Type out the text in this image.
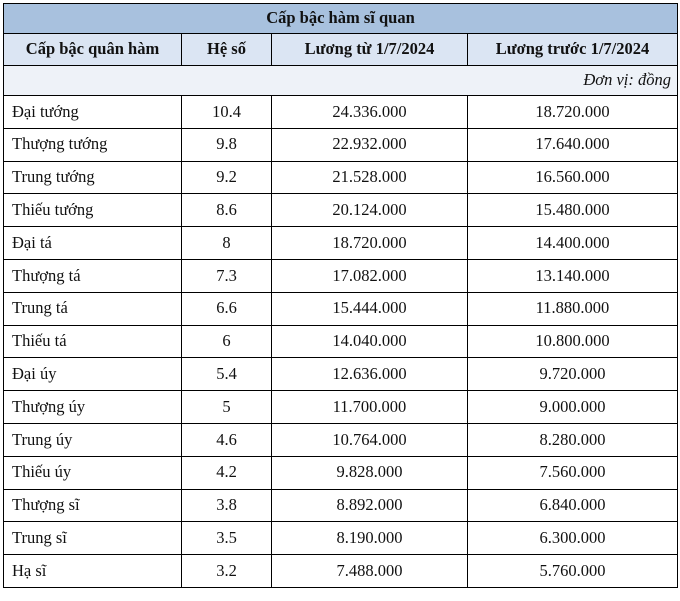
Cấp bậc hàm sĩ quan			
Cấp bậc quân hàm	Hệ số	Lương từ 1/7/2024	Lương trước 1/7/2024
Đơn vị: đồng			
Đại tướng	10.4	24.336.000	18.720.000
Thượng tướng	9.8	22.932.000	17.640.000
Trung tướng	9.2	21.528.000	16.560.000
Thiếu tướng	8.6	20.124.000	15.480.000
Đại tá	8	18.720.000	14.400.000
Thượng tá	7.3	17.082.000	13.140.000
Trung tá	6.6	15.444.000	11.880.000
Thiếu tá	6	14.040.000	10.800.000
Đại úy	5.4	12.636.000	9.720.000
Thượng úy	5	11.700.000	9.000.000
Trung úy	4.6	10.764.000	8.280.000
Thiếu úy	4.2	9.828.000	7.560.000
Thượng sĩ	3.8	8.892.000	6.840.000
Trung sĩ	3.5	8.190.000	6.300.000
Hạ sĩ	3.2	7.488.000	5.760.000
